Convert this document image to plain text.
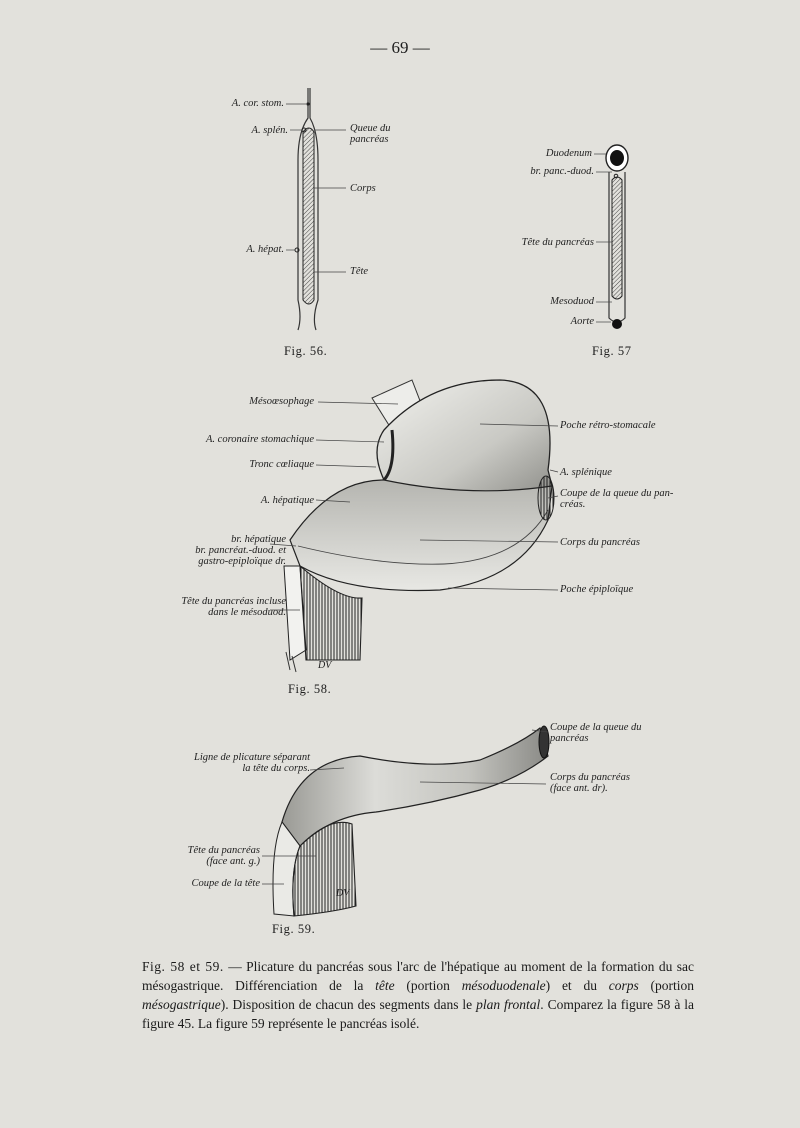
— 69 —
A. cor. stom.
A. splén.	Queue du
pancréas
Corps
A. hépat.
Tête
Fig. 56.
Duodenum
br. panc.-duod.
Tête du pancréas
Mesoduod
Aorte
Fig. 57
DV
Mésoœsophage
A. coronaire stomachique
Tronc cœliaque
A. hépatique
br. hépatique
br. pancréat.-duod. et
gastro-epiploïque dr.
Tête du pancréas incluse
dans le mésoduod.
Poche rétro-stomacale
A. splénique
Coupe de la queue du pan-
créas.
Corps du pancréas
Poche épiploïque
Fig. 58.
DV
Ligne de plicature séparant
la tête du corps.
Coupe de la queue du
pancréas
Corps du pancréas
(face ant. dr).
Tête du pancréas
(face ant. g.)
Coupe de la tête
Fig. 59.
Fig. 58 et 59. — Plicature du pancréas sous l'arc de l'hépatique au moment de la formation du sac mésogastrique. Différenciation de la tête (portion mésoduodenale) et du corps (portion mésogastrique). Disposition de chacun des segments dans le plan frontal. Comparez la figure 58 à la figure 45. La figure 59 représente le pancréas isolé.
